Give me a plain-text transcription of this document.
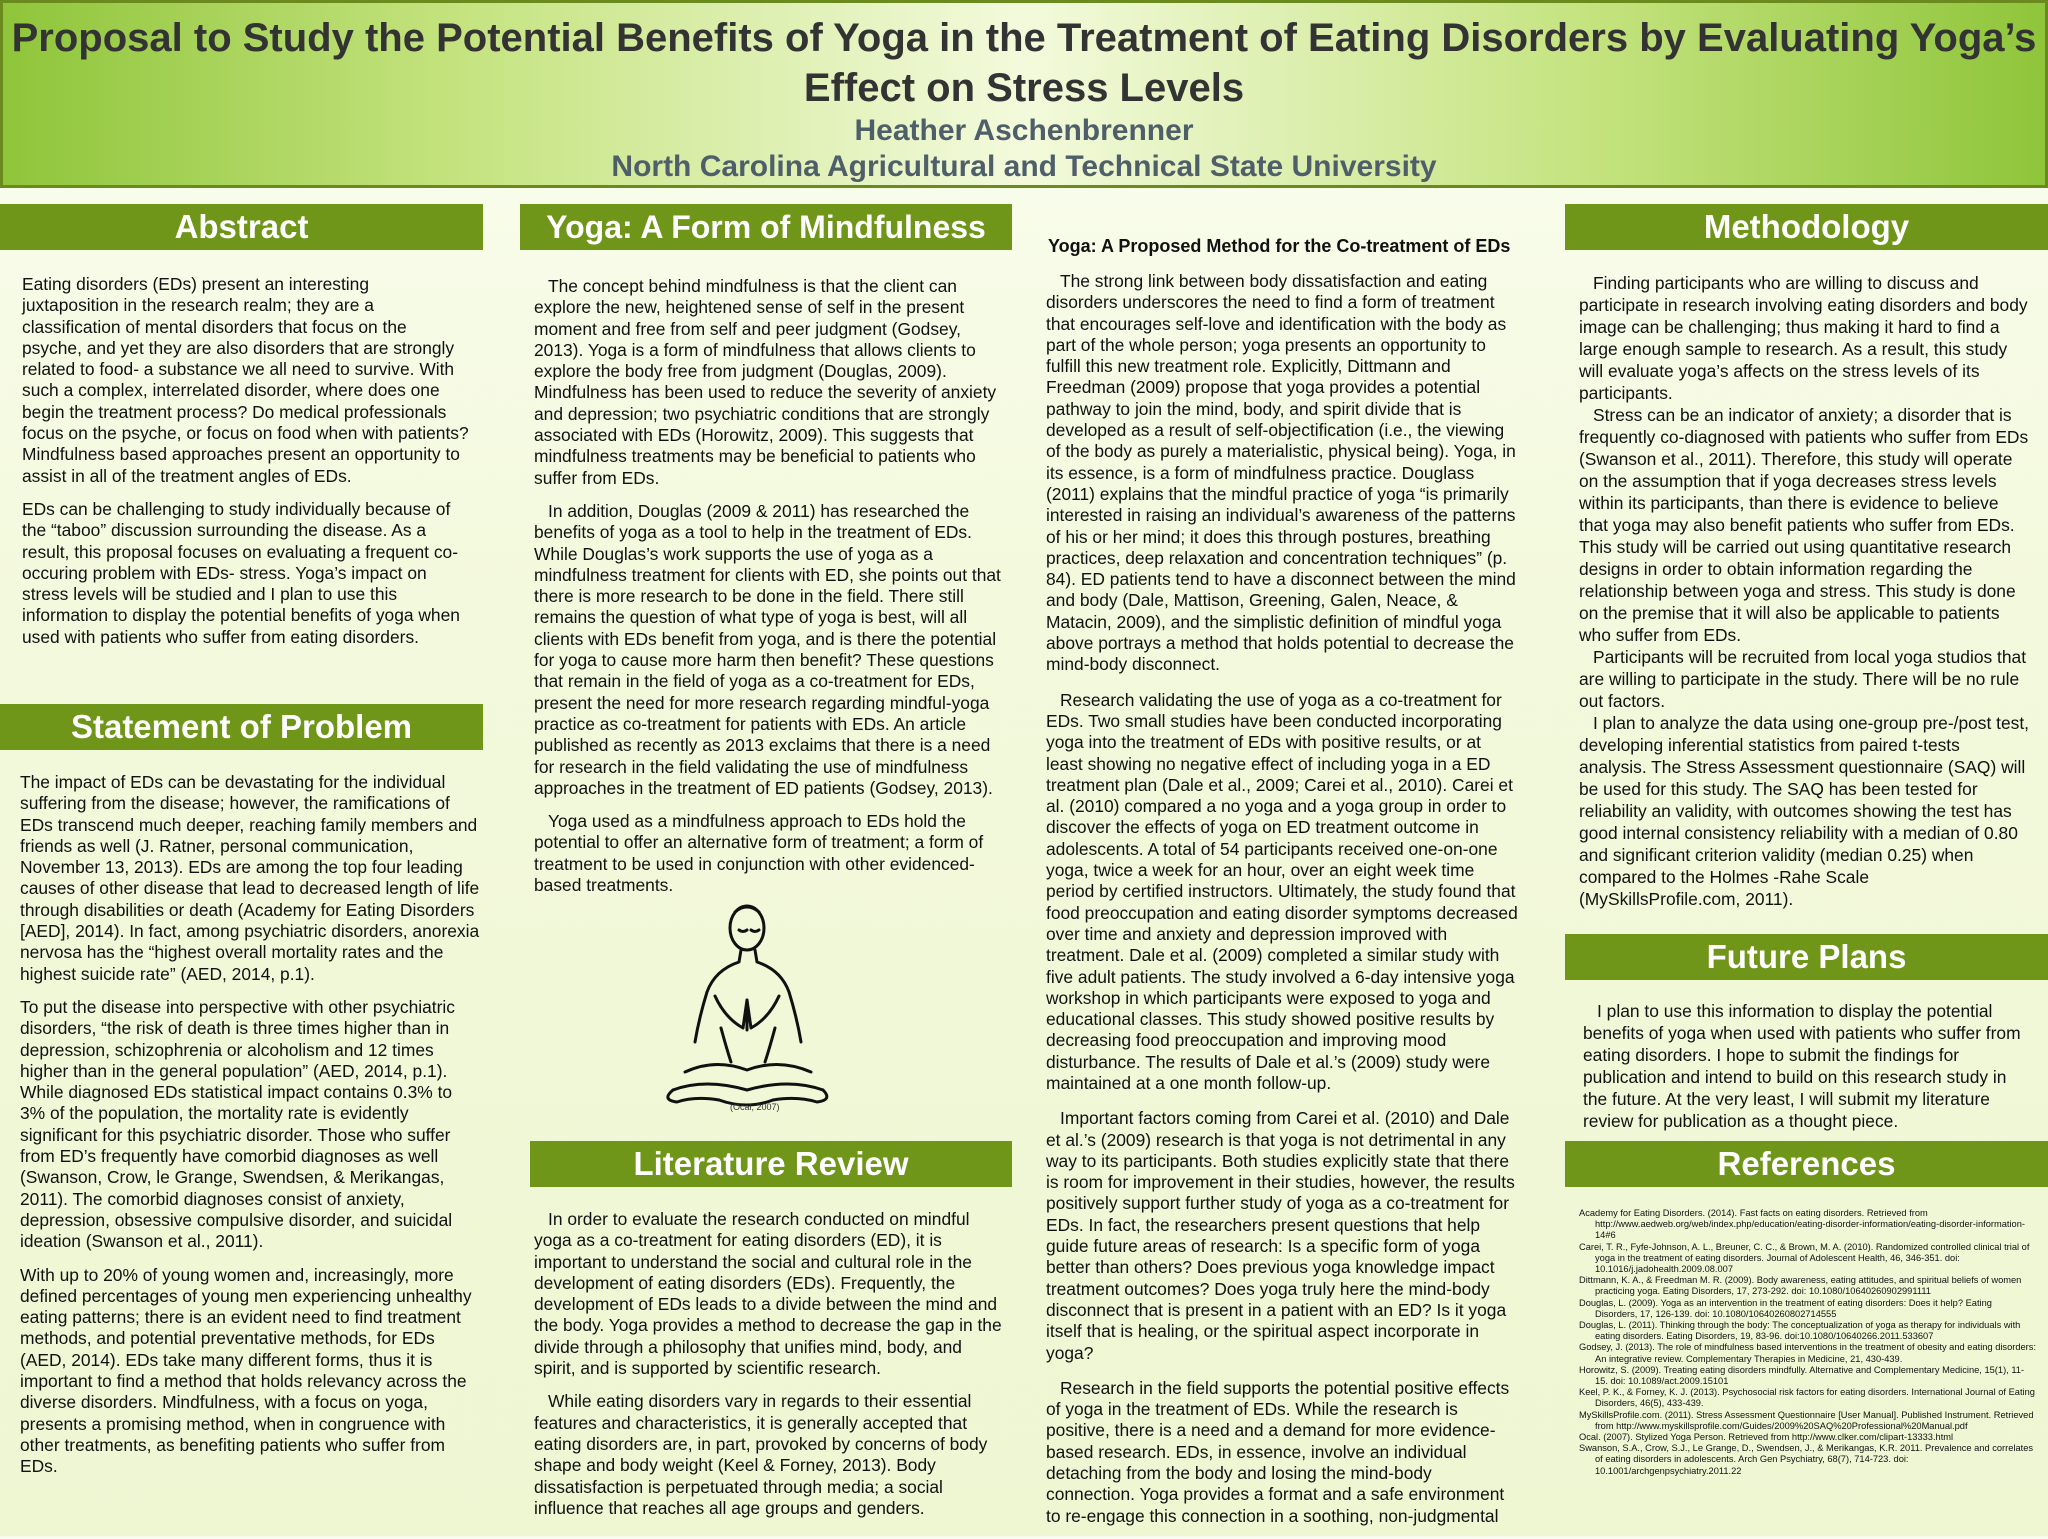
Proposal to Study the Potential Benefits of Yoga in the Treatment of Eating Disorders by Evaluating Yoga’s Effect on Stress Levels
Heather Aschenbrenner
North Carolina Agricultural and Technical State University
Abstract

Eating disorders (EDs) present an interesting juxtaposition in the research realm; they are a classification of mental disorders that focus on the psyche, and yet they are also disorders that are strongly related to food- a substance we all need to survive. With such a complex, interrelated disorder, where does one begin the treatment process? Do medical professionals focus on the psyche, or focus on food when with patients? Mindfulness based approaches present an opportunity to assist in all of the treatment angles of EDs.

EDs can be challenging to study individually because of the “taboo” discussion surrounding the disease. As a result, this proposal focuses on evaluating a frequent co-occuring problem with EDs- stress. Yoga’s impact on stress levels will be studied and I plan to use this information to display the potential benefits of yoga when used with patients who suffer from eating disorders.

Statement of Problem

The impact of EDs can be devastating for the individual suffering from the disease; however, the ramifications of EDs transcend much deeper, reaching family members and friends as well (J. Ratner, personal communication, November 13, 2013). EDs are among the top four leading causes of other disease that lead to decreased length of life through disabilities or death (Academy for Eating Disorders [AED], 2014). In fact, among psychiatric disorders, anorexia nervosa has the “highest overall mortality rates and the highest suicide rate” (AED, 2014, p.1).

To put the disease into perspective with other psychiatric disorders, “the risk of death is three times higher than in depression, schizophrenia or alcoholism and 12 times higher than in the general population” (AED, 2014, p.1). While diagnosed EDs statistical impact contains 0.3% to 3% of the population, the mortality rate is evidently significant for this psychiatric disorder. Those who suffer from ED’s frequently have comorbid diagnoses as well (Swanson, Crow, le Grange, Swendsen, & Merikangas, 2011). The comorbid diagnoses consist of anxiety, depression, obsessive compulsive disorder, and suicidal ideation (Swanson et al., 2011).

With up to 20% of young women and, increasingly, more defined percentages of young men experiencing unhealthy eating patterns; there is an evident need to find treatment methods, and potential preventative methods, for EDs (AED, 2014). EDs take many different forms, thus it is important to find a method that holds relevancy across the diverse disorders. Mindfulness, with a focus on yoga, presents a promising method, when in congruence with other treatments, as benefiting patients who suffer from EDs.

Yoga: A Form of Mindfulness

The concept behind mindfulness is that the client can explore the new, heightened sense of self in the present moment and free from self and peer judgment (Godsey, 2013). Yoga is a form of mindfulness that allows clients to explore the body free from judgment (Douglas, 2009). Mindfulness has been used to reduce the severity of anxiety and depression; two psychiatric conditions that are strongly associated with EDs (Horowitz, 2009). This suggests that mindfulness treatments may be beneficial to patients who suffer from EDs.

In addition, Douglas (2009 & 2011) has researched the benefits of yoga as a tool to help in the treatment of EDs. While Douglas’s work supports the use of yoga as a mindfulness treatment for clients with ED, she points out that there is more research to be done in the field. There still remains the question of what type of yoga is best, will all clients with EDs benefit from yoga, and is there the potential for yoga to cause more harm then benefit? These questions that remain in the field of yoga as a co-treatment for EDs, present the need for more research regarding mindful-yoga practice as co-treatment for patients with EDs. An article published as recently as 2013 exclaims that there is a need for research in the field validating the use of mindfulness approaches in the treatment of ED patients (Godsey, 2013).

Yoga used as a mindfulness approach to EDs hold the potential to offer an alternative form of treatment; a form of treatment to be used in conjunction with other evidenced-based treatments.

Literature Review

In order to evaluate the research conducted on mindful yoga as a co-treatment for eating disorders (ED), it is important to understand the social and cultural role in the development of eating disorders (EDs). Frequently, the development of EDs leads to a divide between the mind and the body. Yoga provides a method to decrease the gap in the divide through a philosophy that unifies mind, body, and spirit, and is supported by scientific research.

While eating disorders vary in regards to their essential features and characteristics, it is generally accepted that eating disorders are, in part, provoked by concerns of body shape and body weight (Keel & Forney, 2013). Body dissatisfaction is perpetuated through media; a social influence that reaches all age groups and genders.

(Ocal, 2007)
Yoga: A Proposed Method for the Co-treatment of EDs

The strong link between body dissatisfaction and eating disorders underscores the need to find a form of treatment that encourages self-love and identification with the body as part of the whole person; yoga presents an opportunity to fulfill this new treatment role. Explicitly, Dittmann and Freedman (2009) propose that yoga provides a potential pathway to join the mind, body, and spirit divide that is developed as a result of self-objectification (i.e., the viewing of the body as purely a materialistic, physical being). Yoga, in its essence, is a form of mindfulness practice. Douglass (2011) explains that the mindful practice of yoga “is primarily interested in raising an individual’s awareness of the patterns of his or her mind; it does this through postures, breathing practices, deep relaxation and concentration techniques” (p. 84). ED patients tend to have a disconnect between the mind and body (Dale, Mattison, Greening, Galen, Neace, & Matacin, 2009), and the simplistic definition of mindful yoga above portrays a method that holds potential to decrease the mind-body disconnect.

Research validating the use of yoga as a co-treatment for EDs. Two small studies have been conducted incorporating yoga into the treatment of EDs with positive results, or at least showing no negative effect of including yoga in a ED treatment plan (Dale et al., 2009; Carei et al., 2010). Carei et al. (2010) compared a no yoga and a yoga group in order to discover the effects of yoga on ED treatment outcome in adolescents. A total of 54 participants received one-on-one yoga, twice a week for an hour, over an eight week time period by certified instructors. Ultimately, the study found that food preoccupation and eating disorder symptoms decreased over time and anxiety and depression improved with treatment. Dale et al. (2009) completed a similar study with five adult patients. The study involved a 6-day intensive yoga workshop in which participants were exposed to yoga and educational classes. This study showed positive results by decreasing food preoccupation and improving mood disturbance. The results of Dale et al.’s (2009) study were maintained at a one month follow-up.

Important factors coming from Carei et al. (2010) and Dale et al.’s (2009) research is that yoga is not detrimental in any way to its participants. Both studies explicitly state that there is room for improvement in their studies, however, the results positively support further study of yoga as a co-treatment for EDs. In fact, the researchers present questions that help guide future areas of research: Is a specific form of yoga better than others? Does previous yoga knowledge impact treatment outcomes? Does yoga truly here the mind-body disconnect that is present in a patient with an ED? Is it yoga itself that is healing, or the spiritual aspect incorporate in yoga?

Research in the field supports the potential positive effects of yoga in the treatment of EDs. While the research is positive, there is a need and a demand for more evidence-based research. EDs, in essence, involve an individual detaching from the body and losing the mind-body connection. Yoga provides a format and a safe environment to re-engage this connection in a soothing, non-judgmental

Methodology

Finding participants who are willing to discuss and participate in research involving eating disorders and body image can be challenging; thus making it hard to find a large enough sample to research. As a result, this study will evaluate yoga’s affects on the stress levels of its participants.

Stress can be an indicator of anxiety; a disorder that is frequently co-diagnosed with patients who suffer from EDs (Swanson et al., 2011). Therefore, this study will operate on the assumption that if yoga decreases stress levels within its participants, than there is evidence to believe that yoga may also benefit patients who suffer from EDs. This study will be carried out using quantitative research designs in order to obtain information regarding the relationship between yoga and stress. This study is done on the premise that it will also be applicable to patients who suffer from EDs.

Participants will be recruited from local yoga studios that are willing to participate in the study. There will be no rule out factors.

I plan to analyze the data using one-group pre-/post test, developing inferential statistics from paired t-tests analysis. The Stress Assessment questionnaire (SAQ) will be used for this study. The SAQ has been tested for reliability an validity, with outcomes showing the test has good internal consistency reliability with a median of 0.80 and significant criterion validity (median 0.25) when compared to the Holmes -Rahe Scale (MySkillsProfile.com, 2011).

Future Plans

I plan to use this information to display the potential benefits of yoga when used with patients who suffer from eating disorders. I hope to submit the findings for publication and intend to build on this research study in the future. At the very least, I will submit my literature review for publication as a thought piece.

References

Academy for Eating Disorders. (2014). Fast facts on eating disorders. Retrieved from http://www.aedweb.org/web/index.php/education/eating-disorder-information/eating-disorder-information-14#6

Carei, T. R., Fyfe-Johnson, A. L., Breuner, C. C., & Brown, M. A. (2010). Randomized controlled clinical trial of yoga in the treatment of eating disorders. Journal of Adolescent Health, 46, 346-351. doi: 10.1016/j.jadohealth.2009.08.007

Dittmann, K. A., & Freedman M. R. (2009). Body awareness, eating attitudes, and spiritual beliefs of women practicing yoga. Eating Disorders, 17, 273-292. doi: 10.1080/10640260902991111

Douglas, L. (2009). Yoga as an intervention in the treatment of eating disorders: Does it help? Eating Disorders, 17, 126-139. doi: 10.1080/10640260802714555

Douglas, L. (2011). Thinking through the body: The conceptualization of yoga as therapy for individuals with eating disorders. Eating Disorders, 19, 83-96. doi:10.1080/10640266.2011.533607

Godsey, J. (2013). The role of mindfulness based interventions in the treatment of obesity and eating disorders: An integrative review. Complementary Therapies in Medicine, 21, 430-439.

Horowitz, S. (2009). Treating eating disorders mindfully. Alternative and Complementary Medicine, 15(1), 11-15. doi: 10.1089/act.2009.15101

Keel, P. K., & Forney, K. J. (2013). Psychosocial risk factors for eating disorders. International Journal of Eating Disorders, 46(5), 433-439.

MySkillsProfile.com. (2011). Stress Assessment Questionnaire [User Manual]. Published Instrument. Retrieved from http://www.myskillsprofile.com/Guides/2009%20SAQ%20Professional%20Manual.pdf

Ocal. (2007). Stylized Yoga Person. Retrieved from http://www.clker.com/clipart-13333.html

Swanson, S.A., Crow, S.J., Le Grange, D., Swendsen, J., & Merikangas, K.R. 2011. Prevalence and correlates of eating disorders in adolescents. Arch Gen Psychiatry, 68(7), 714-723. doi: 10.1001/archgenpsychiatry.2011.22
